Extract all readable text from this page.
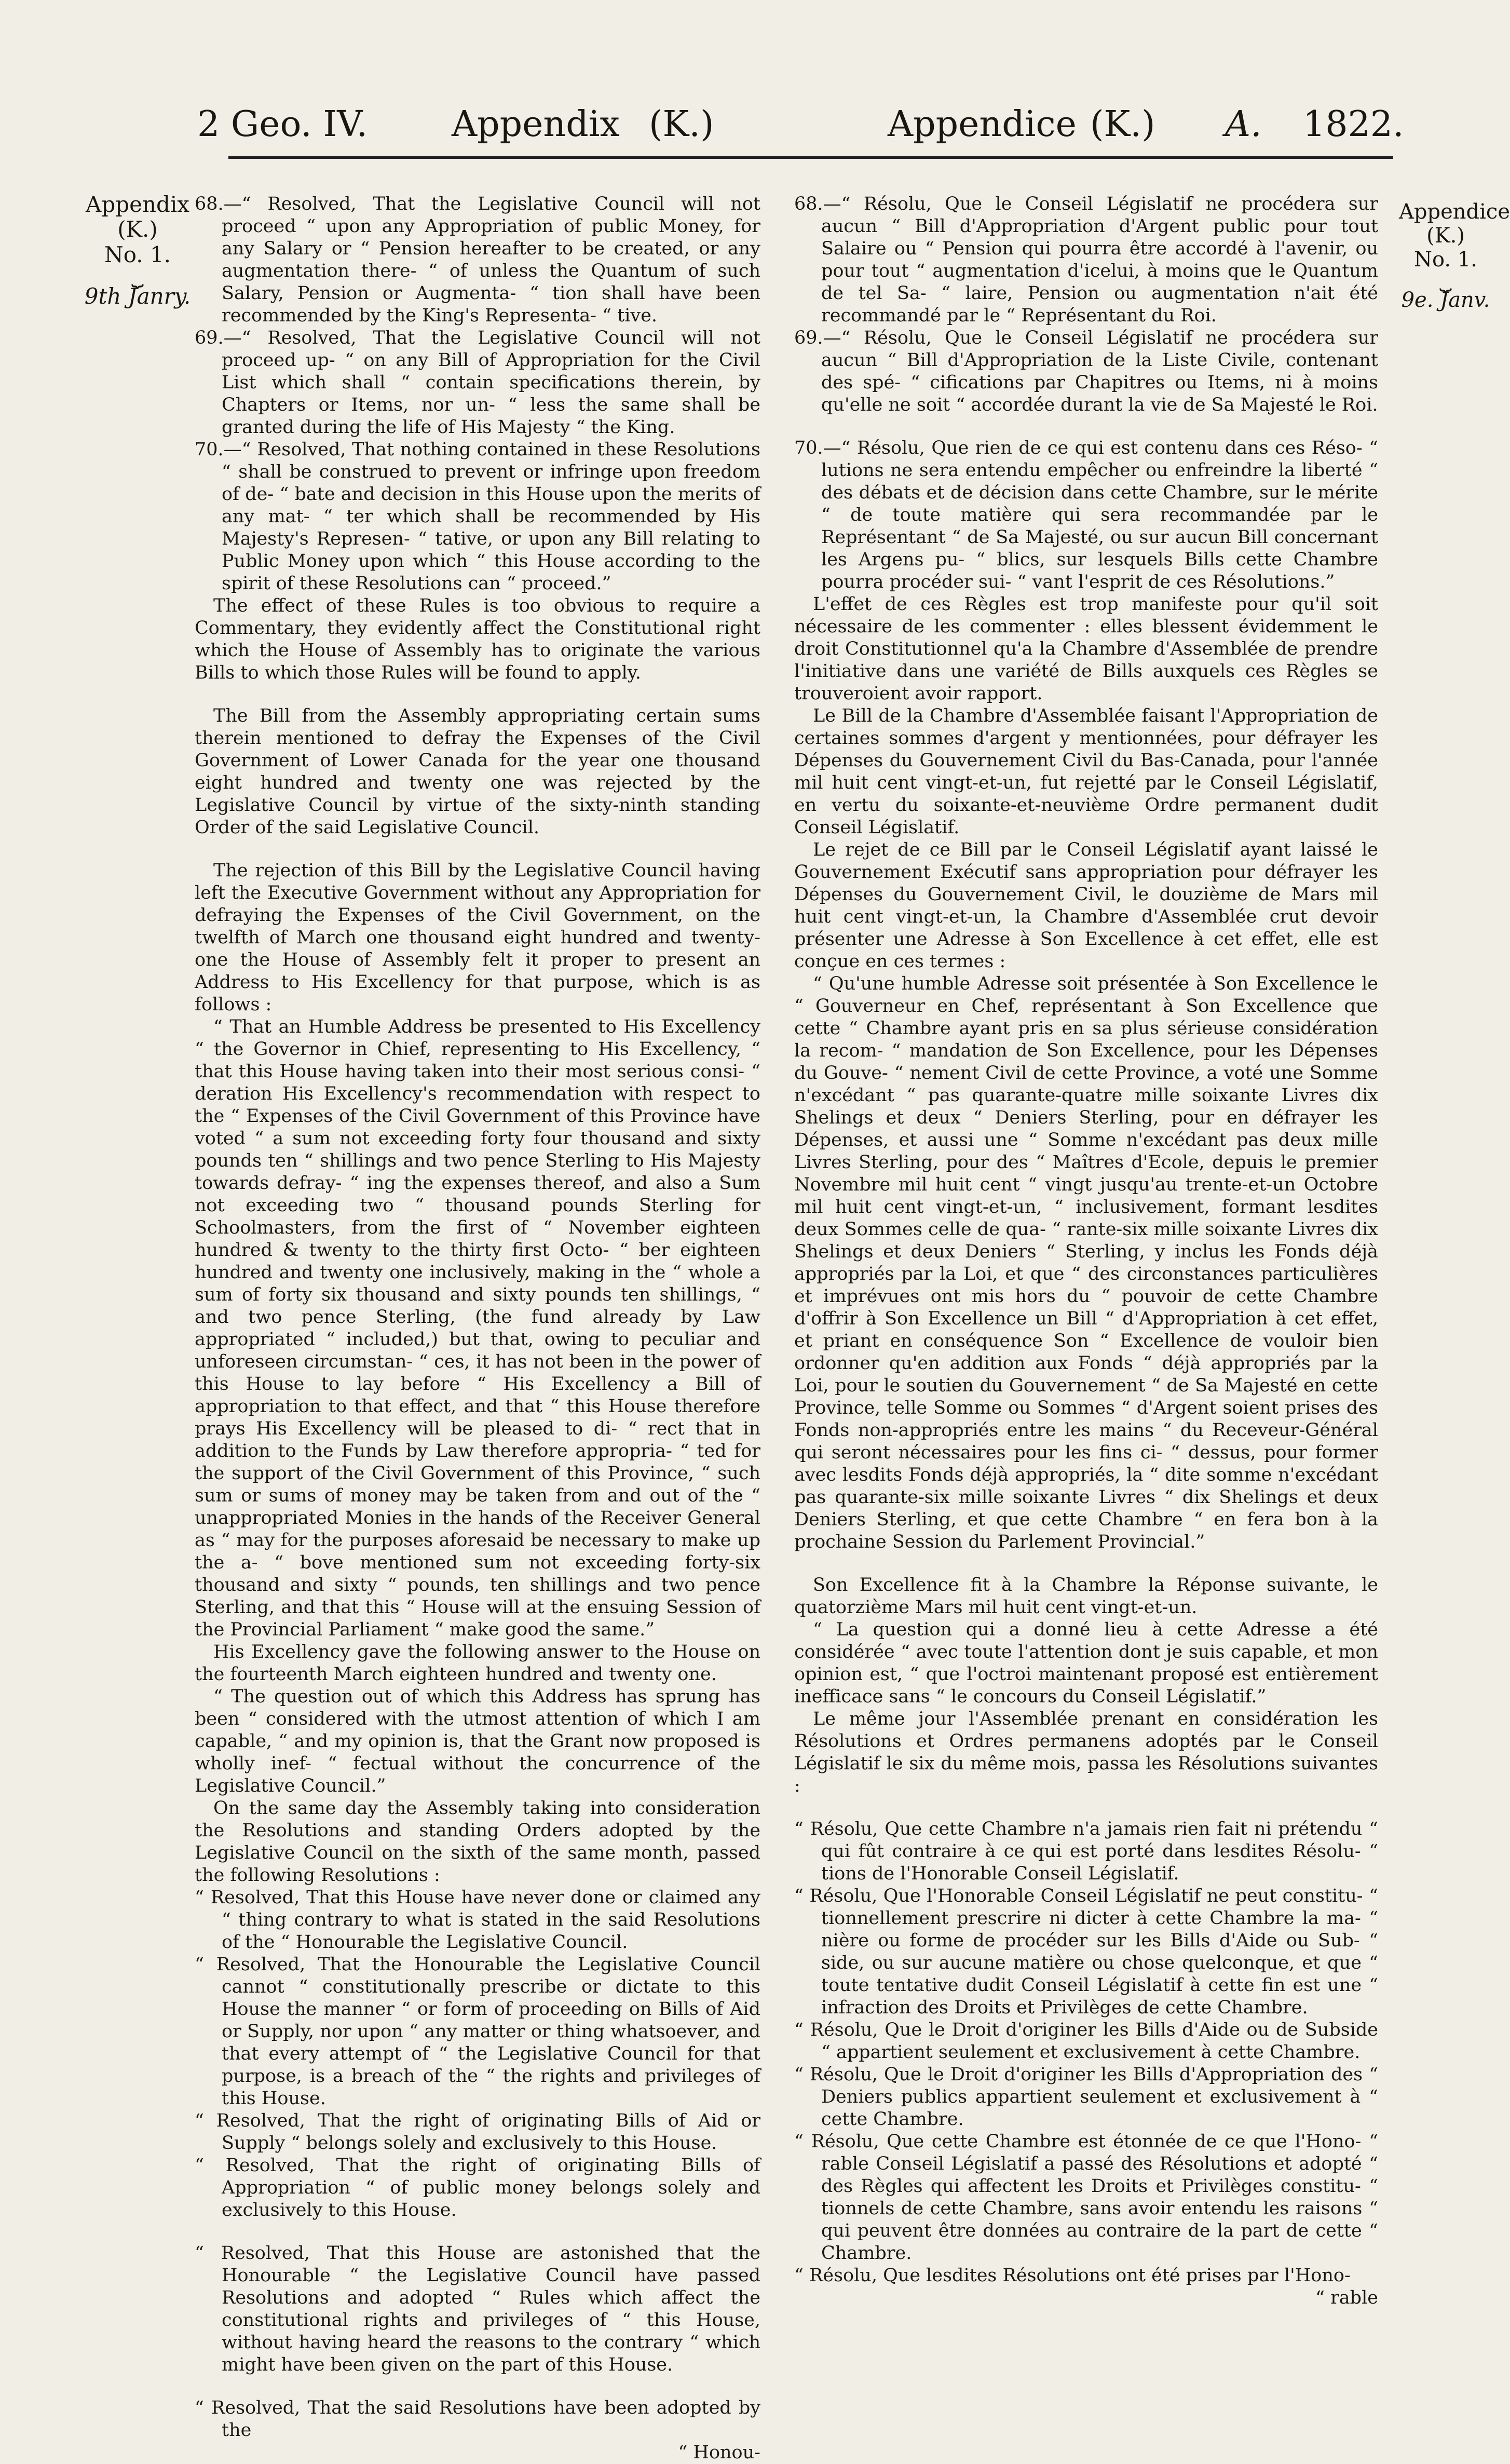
2 Geo. IV. Appendix (K.)	Appendice (K.) A. 1822.
Appendix
(K.)
No. 1.
⏟
9th Janry.
Appendice
(K.)
No. 1.
⏟
9e. Janv.

68.—“ Resolved, That the Legislative Council will not proceed “ upon any Appropriation of public Money, for any Salary or “ Pension hereafter to be created, or any augmentation there- “ of unless the Quantum of such Salary, Pension or Augmenta- “ tion shall have been recommended by the King's Representa- “ tive.

69.—“ Resolved, That the Legislative Council will not proceed up- “ on any Bill of Appropriation for the Civil List which shall “ contain specifications therein, by Chapters or Items, nor un- “ less the same shall be granted during the life of His Majesty “ the King.

70.—“ Resolved, That nothing contained in these Resolutions “ shall be construed to prevent or infringe upon freedom of de- “ bate and decision in this House upon the merits of any mat- “ ter which shall be recommended by His Majesty's Represen- “ tative, or upon any Bill relating to Public Money upon which “ this House according to the spirit of these Resolutions can “ proceed.”

The effect of these Rules is too obvious to require a Commentary, they evidently affect the Constitutional right which the House of Assembly has to originate the various Bills to which those Rules will be found to apply.

The Bill from the Assembly appropriating certain sums therein mentioned to defray the Expenses of the Civil Government of Lower Canada for the year one thousand eight hundred and twenty one was rejected by the Legislative Council by virtue of the sixty-ninth standing Order of the said Legislative Council.

The rejection of this Bill by the Legislative Council having left the Executive Government without any Appropriation for defraying the Expenses of the Civil Government, on the twelfth of March one thousand eight hundred and twenty-one the House of Assembly felt it proper to present an Address to His Excellency for that purpose, which is as follows :

“ That an Humble Address be presented to His Excellency “ the Governor in Chief, representing to His Excellency, “ that this House having taken into their most serious consi- “ deration His Excellency's recommendation with respect to the “ Expenses of the Civil Government of this Province have voted “ a sum not exceeding forty four thousand and sixty pounds ten “ shillings and two pence Sterling to His Majesty towards defray- “ ing the expenses thereof, and also a Sum not exceeding two “ thousand pounds Sterling for Schoolmasters, from the first of “ November eighteen hundred & twenty to the thirty first Octo- “ ber eighteen hundred and twenty one inclusively, making in the “ whole a sum of forty six thousand and sixty pounds ten shillings, “ and two pence Sterling, (the fund already by Law appropriated “ included,) but that, owing to peculiar and unforeseen circumstan- “ ces, it has not been in the power of this House to lay before “ His Excellency a Bill of appropriation to that effect, and that “ this House therefore prays His Excellency will be pleased to di- “ rect that in addition to the Funds by Law therefore appropria- “ ted for the support of the Civil Government of this Province, “ such sum or sums of money may be taken from and out of the “ unappropriated Monies in the hands of the Receiver General as “ may for the purposes aforesaid be necessary to make up the a- “ bove mentioned sum not exceeding forty-six thousand and sixty “ pounds, ten shillings and two pence Sterling, and that this “ House will at the ensuing Session of the Provincial Parliament “ make good the same.”

His Excellency gave the following answer to the House on the fourteenth March eighteen hundred and twenty one.

“ The question out of which this Address has sprung has been “ considered with the utmost attention of which I am capable, “ and my opinion is, that the Grant now proposed is wholly inef- “ fectual without the concurrence of the Legislative Council.”

On the same day the Assembly taking into consideration the Resolutions and standing Orders adopted by the Legislative Council on the sixth of the same month, passed the following Resolutions :

“ Resolved, That this House have never done or claimed any “ thing contrary to what is stated in the said Resolutions of the “ Honourable the Legislative Council.

“ Resolved, That the Honourable the Legislative Council cannot “ constitutionally prescribe or dictate to this House the manner “ or form of proceeding on Bills of Aid or Supply, nor upon “ any matter or thing whatsoever, and that every attempt of “ the Legislative Council for that purpose, is a breach of the “ the rights and privileges of this House.

“ Resolved, That the right of originating Bills of Aid or Supply “ belongs solely and exclusively to this House.

“ Resolved, That the right of originating Bills of Appropriation “ of public money belongs solely and exclusively to this House.

“ Resolved, That this House are astonished that the Honourable “ the Legislative Council have passed Resolutions and adopted “ Rules which affect the constitutional rights and privileges of “ this House, without having heard the reasons to the contrary “ which might have been given on the part of this House.

“ Resolved, That the said Resolutions have been adopted by the

“ Honou-

68.—“ Résolu, Que le Conseil Législatif ne procédera sur aucun “ Bill d'Appropriation d'Argent public pour tout Salaire ou “ Pension qui pourra être accordé à l'avenir, ou pour tout “ augmentation d'icelui, à moins que le Quantum de tel Sa- “ laire, Pension ou augmentation n'ait été recommandé par le “ Représentant du Roi.

69.—“ Résolu, Que le Conseil Législatif ne procédera sur aucun “ Bill d'Appropriation de la Liste Civile, contenant des spé- “ cifications par Chapitres ou Items, ni à moins qu'elle ne soit “ accordée durant la vie de Sa Majesté le Roi.

70.—“ Résolu, Que rien de ce qui est contenu dans ces Réso- “ lutions ne sera entendu empêcher ou enfreindre la liberté “ des débats et de décision dans cette Chambre, sur le mérite “ de toute matière qui sera recommandée par le Représentant “ de Sa Majesté, ou sur aucun Bill concernant les Argens pu- “ blics, sur lesquels Bills cette Chambre pourra procéder sui- “ vant l'esprit de ces Résolutions.”

L'effet de ces Règles est trop manifeste pour qu'il soit nécessaire de les commenter : elles blessent évidemment le droit Constitutionnel qu'a la Chambre d'Assemblée de prendre l'initiative dans une variété de Bills auxquels ces Règles se trouveroient avoir rapport.

Le Bill de la Chambre d'Assemblée faisant l'Appropriation de certaines sommes d'argent y mentionnées, pour défrayer les Dépenses du Gouvernement Civil du Bas-Canada, pour l'année mil huit cent vingt-et-un, fut rejetté par le Conseil Législatif, en vertu du soixante-et-neuvième Ordre permanent dudit Conseil Législatif.

Le rejet de ce Bill par le Conseil Législatif ayant laissé le Gouvernement Exécutif sans appropriation pour défrayer les Dépenses du Gouvernement Civil, le douzième de Mars mil huit cent vingt-et-un, la Chambre d'Assemblée crut devoir présenter une Adresse à Son Excellence à cet effet, elle est conçue en ces termes :

“ Qu'une humble Adresse soit présentée à Son Excellence le “ Gouverneur en Chef, représentant à Son Excellence que cette “ Chambre ayant pris en sa plus sérieuse considération la recom- “ mandation de Son Excellence, pour les Dépenses du Gouve- “ nement Civil de cette Province, a voté une Somme n'excédant “ pas quarante-quatre mille soixante Livres dix Shelings et deux “ Deniers Sterling, pour en défrayer les Dépenses, et aussi une “ Somme n'excédant pas deux mille Livres Sterling, pour des “ Maîtres d'Ecole, depuis le premier Novembre mil huit cent “ vingt jusqu'au trente-et-un Octobre mil huit cent vingt-et-un, “ inclusivement, formant lesdites deux Sommes celle de qua- “ rante-six mille soixante Livres dix Shelings et deux Deniers “ Sterling, y inclus les Fonds déjà appropriés par la Loi, et que “ des circonstances particulières et imprévues ont mis hors du “ pouvoir de cette Chambre d'offrir à Son Excellence un Bill “ d'Appropriation à cet effet, et priant en conséquence Son “ Excellence de vouloir bien ordonner qu'en addition aux Fonds “ déjà appropriés par la Loi, pour le soutien du Gouvernement “ de Sa Majesté en cette Province, telle Somme ou Sommes “ d'Argent soient prises des Fonds non-appropriés entre les mains “ du Receveur-Général qui seront nécessaires pour les fins ci- “ dessus, pour former avec lesdits Fonds déjà appropriés, la “ dite somme n'excédant pas quarante-six mille soixante Livres “ dix Shelings et deux Deniers Sterling, et que cette Chambre “ en fera bon à la prochaine Session du Parlement Provincial.”

Son Excellence fit à la Chambre la Réponse suivante, le quatorzième Mars mil huit cent vingt-et-un.

“ La question qui a donné lieu à cette Adresse a été considérée “ avec toute l'attention dont je suis capable, et mon opinion est, “ que l'octroi maintenant proposé est entièrement inefficace sans “ le concours du Conseil Législatif.”

Le même jour l'Assemblée prenant en considération les Résolutions et Ordres permanens adoptés par le Conseil Législatif le six du même mois, passa les Résolutions suivantes :

“ Résolu, Que cette Chambre n'a jamais rien fait ni prétendu “ qui fût contraire à ce qui est porté dans lesdites Résolu- “ tions de l'Honorable Conseil Législatif.

“ Résolu, Que l'Honorable Conseil Législatif ne peut constitu- “ tionnellement prescrire ni dicter à cette Chambre la ma- “ nière ou forme de procéder sur les Bills d'Aide ou Sub- “ side, ou sur aucune matière ou chose quelconque, et que “ toute tentative dudit Conseil Législatif à cette fin est une “ infraction des Droits et Privilèges de cette Chambre.

“ Résolu, Que le Droit d'originer les Bills d'Aide ou de Subside “ appartient seulement et exclusivement à cette Chambre.

“ Résolu, Que le Droit d'originer les Bills d'Appropriation des “ Deniers publics appartient seulement et exclusivement à “ cette Chambre.

“ Résolu, Que cette Chambre est étonnée de ce que l'Hono- “ rable Conseil Législatif a passé des Résolutions et adopté “ des Règles qui affectent les Droits et Privilèges constitu- “ tionnels de cette Chambre, sans avoir entendu les raisons “ qui peuvent être données au contraire de la part de cette “ Chambre.

“ Résolu, Que lesdites Résolutions ont été prises par l'Hono-

“ rable
